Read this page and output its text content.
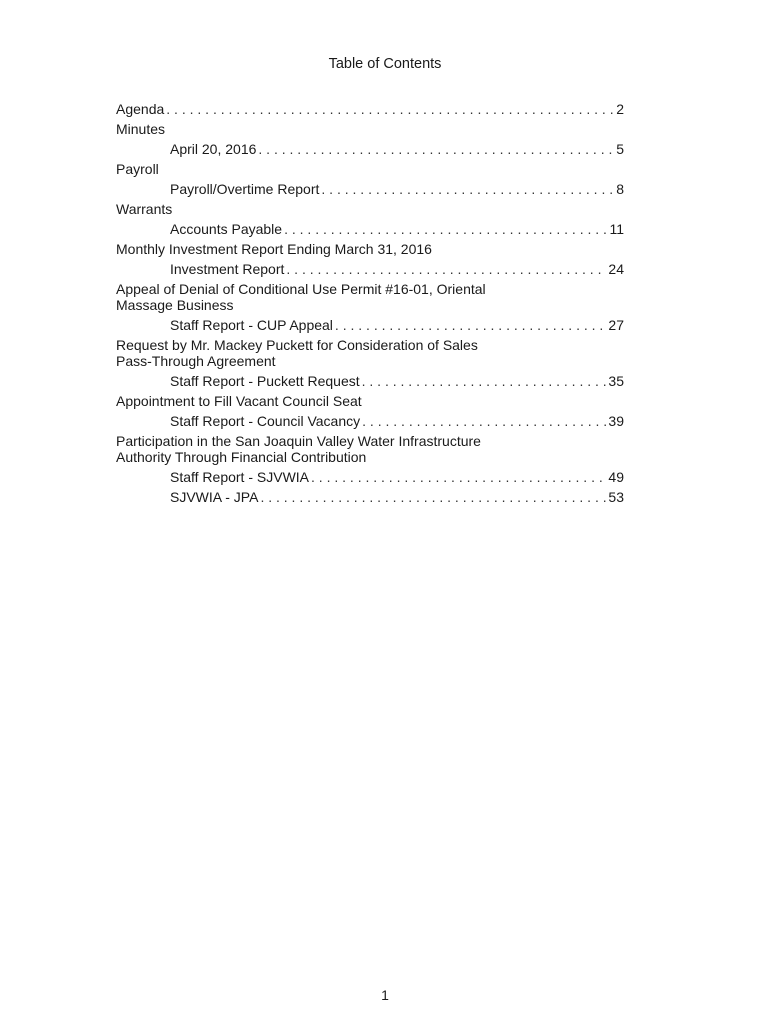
Table of Contents
Agenda . . .	2
Minutes
April 20, 2016 . . .	5
Payroll
Payroll/Overtime Report . . .	8
Warrants
Accounts Payable . . .	11
Monthly Investment Report Ending March 31, 2016
Investment Report . . .	24
Appeal of Denial of Conditional Use Permit #16-01, Oriental Massage Business
Staff Report - CUP Appeal . . .	27
Request by Mr. Mackey Puckett for Consideration of Sales Pass-Through Agreement
Staff Report - Puckett Request . . .	35
Appointment to Fill Vacant Council Seat
Staff Report - Council Vacancy . . .	39
Participation in the San Joaquin Valley Water Infrastructure Authority Through Financial Contribution
Staff Report - SJVWIA . . .	49
SJVWIA - JPA . . .	53
1
